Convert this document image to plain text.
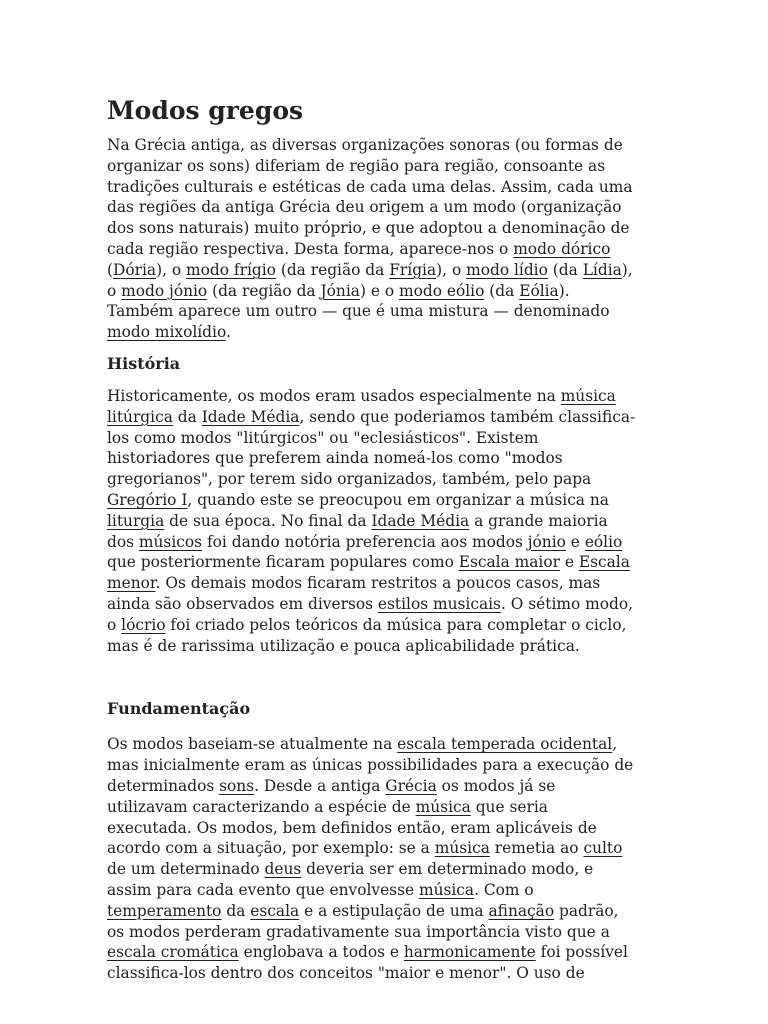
Modos gregos

Na Grécia antiga, as diversas organizações sonoras (ou formas de organizar os sons) diferiam de região para região, consoante as tradições culturais e estéticas de cada uma delas. Assim, cada uma das regiões da antiga Grécia deu origem a um modo (organização dos sons naturais) muito próprio, e que adoptou a denominação de cada região respectiva. Desta forma, aparece-nos o modo dórico (Dória), o modo frígio (da região da Frígia), o modo lídio (da Lídia), o modo jónio (da região da Jónia) e o modo eólio (da Eólia). Também aparece um outro — que é uma mistura — denominado modo mixolídio.

História

Historicamente, os modos eram usados especialmente na música litúrgica da Idade Média, sendo que poderiamos também classifica-los como modos "litúrgicos" ou "eclesiásticos". Existem historiadores que preferem ainda nomeá-los como "modos gregorianos", por terem sido organizados, também, pelo papa Gregório I, quando este se preocupou em organizar a música na liturgia de sua época. No final da Idade Média a grande maioria dos músicos foi dando notória preferencia aos modos jónio e eólio que posteriormente ficaram populares como Escala maior e Escala menor. Os demais modos ficaram restritos a poucos casos, mas ainda são observados em diversos estilos musicais. O sétimo modo, o lócrio foi criado pelos teóricos da música para completar o ciclo, mas é de rarissima utilização e pouca aplicabilidade prática.

Fundamentação

Os modos baseiam-se atualmente na escala temperada ocidental, mas inicialmente eram as únicas possibilidades para a execução de determinados sons. Desde a antiga Grécia os modos já se utilizavam caracterizando a espécie de música que seria executada. Os modos, bem definidos então, eram aplicáveis de acordo com a situação, por exemplo: se a música remetia ao culto de um determinado deus deveria ser em determinado modo, e assim para cada evento que envolvesse música. Com o temperamento da escala e a estipulação de uma afinação padrão, os modos perderam gradativamente sua importância visto que a escala cromática englobava a todos e harmonicamente foi possível classifica-los dentro dos conceitos "maior e menor". O uso de
